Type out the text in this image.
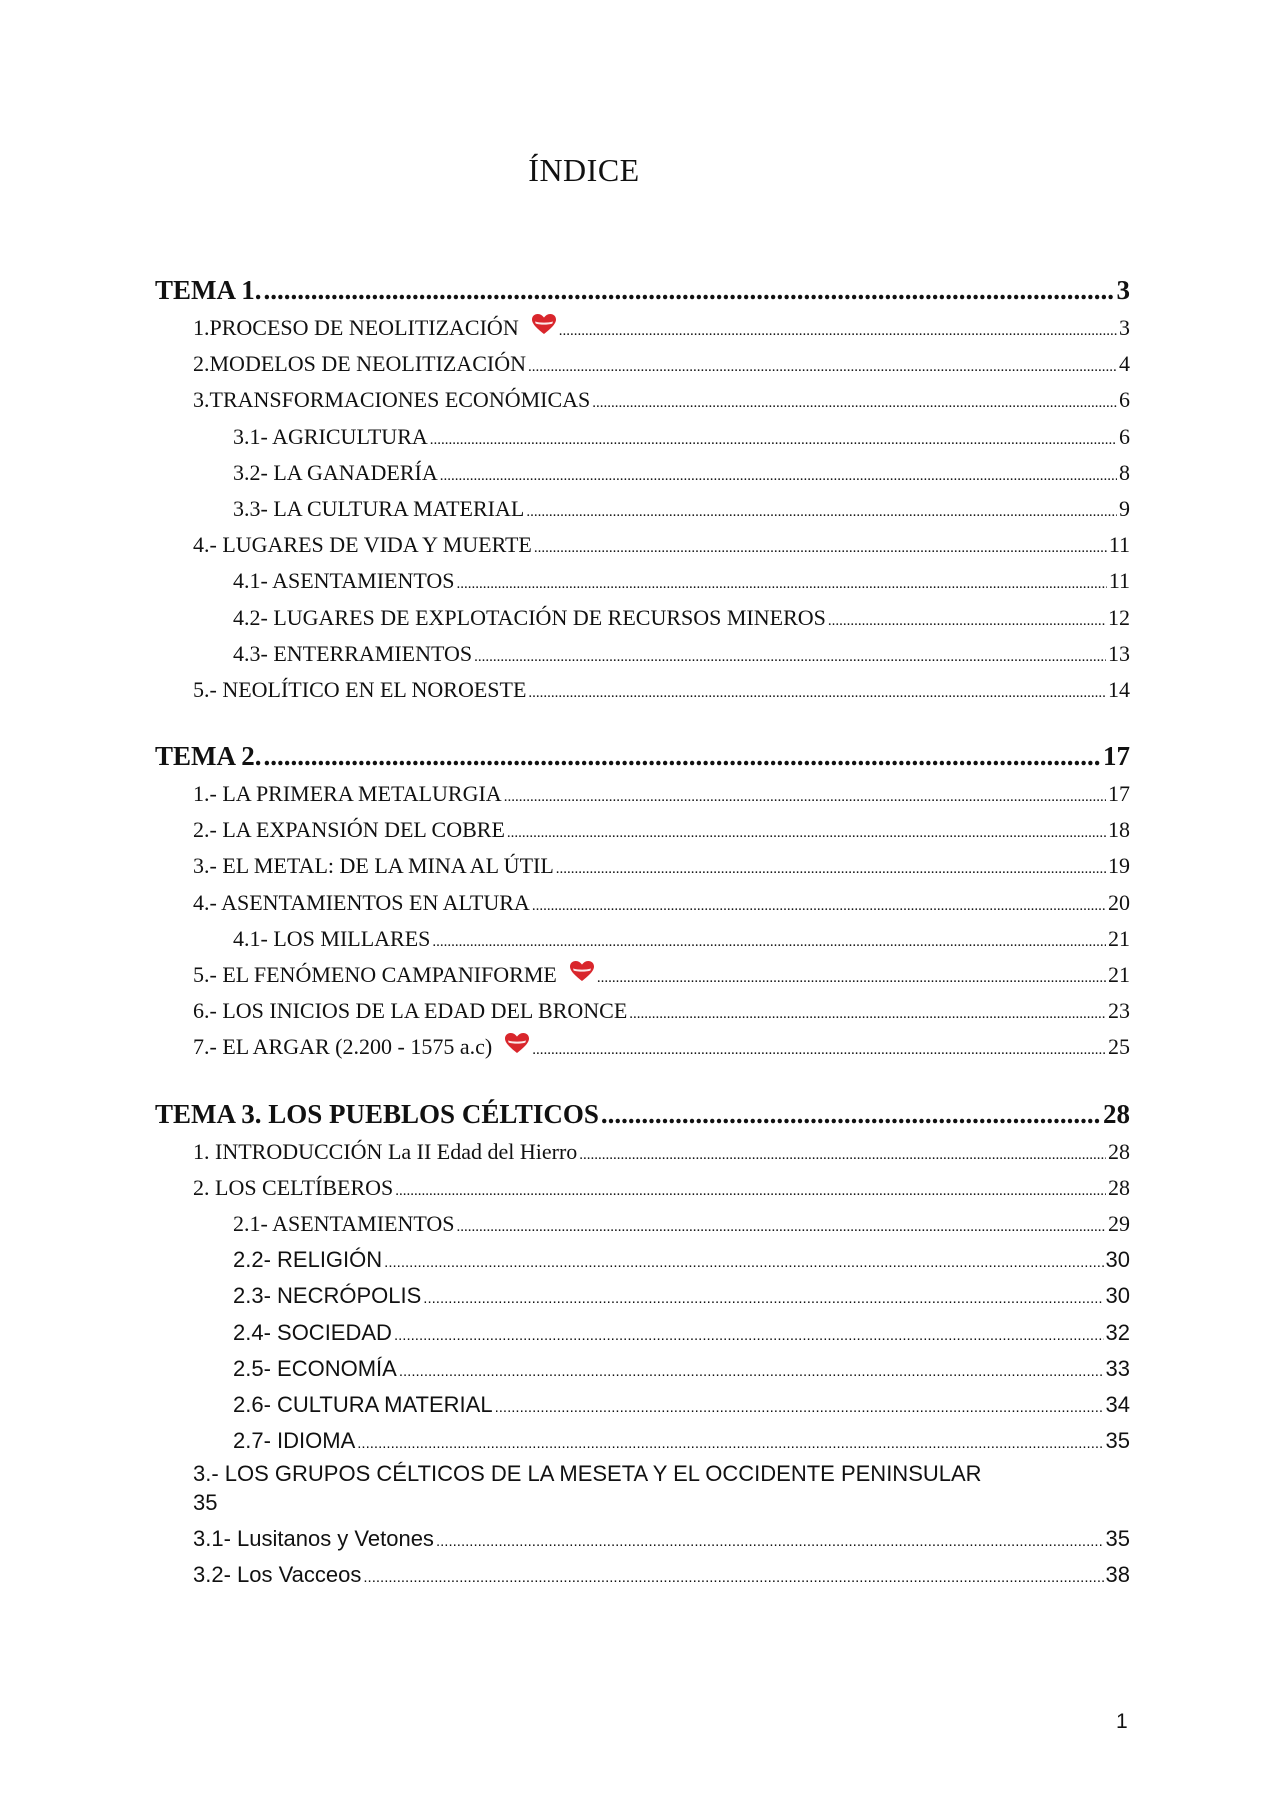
ÍNDICE
TEMA 1. .....	3
1.PROCESO DE NEOLITIZACIÓN .....	3
2.MODELOS DE NEOLITIZACIÓN .....	4
3.TRANSFORMACIONES ECONÓMICAS .....	6
3.1- AGRICULTURA .....	6
3.2- LA GANADERÍA .....	8
3.3- LA CULTURA MATERIAL .....	9
4.- LUGARES DE VIDA Y MUERTE .....	11
4.1- ASENTAMIENTOS .....	11
4.2- LUGARES DE EXPLOTACIÓN DE RECURSOS MINEROS .....	12
4.3- ENTERRAMIENTOS .....	13
5.- NEOLÍTICO EN EL NOROESTE .....	14
TEMA 2. .....	17
1.- LA PRIMERA METALURGIA .....	17
2.- LA EXPANSIÓN DEL COBRE .....	18
3.- EL METAL: DE LA MINA AL ÚTIL .....	19
4.- ASENTAMIENTOS EN ALTURA .....	20
4.1- LOS MILLARES .....	21
5.- EL FENÓMENO CAMPANIFORME .....	21
6.- LOS INICIOS DE LA EDAD DEL BRONCE .....	23
7.- EL ARGAR (2.200 - 1575 a.c) .....	25
TEMA 3. LOS PUEBLOS CÉLTICOS .....	28
1. INTRODUCCIÓN La II Edad del Hierro .....	28
2. LOS CELTÍBEROS .....	28
2.1- ASENTAMIENTOS .....	29
2.2- RELIGIÓN .....	30
2.3- NECRÓPOLIS .....	30
2.4- SOCIEDAD .....	32
2.5- ECONOMÍA .....	33
2.6- CULTURA MATERIAL .....	34
2.7- IDIOMA .....	35
3.- LOS GRUPOS CÉLTICOS DE LA MESETA Y EL OCCIDENTE PENINSULAR
35
3.1- Lusitanos y Vetones .....	35
3.2- Los Vacceos .....	38
1
